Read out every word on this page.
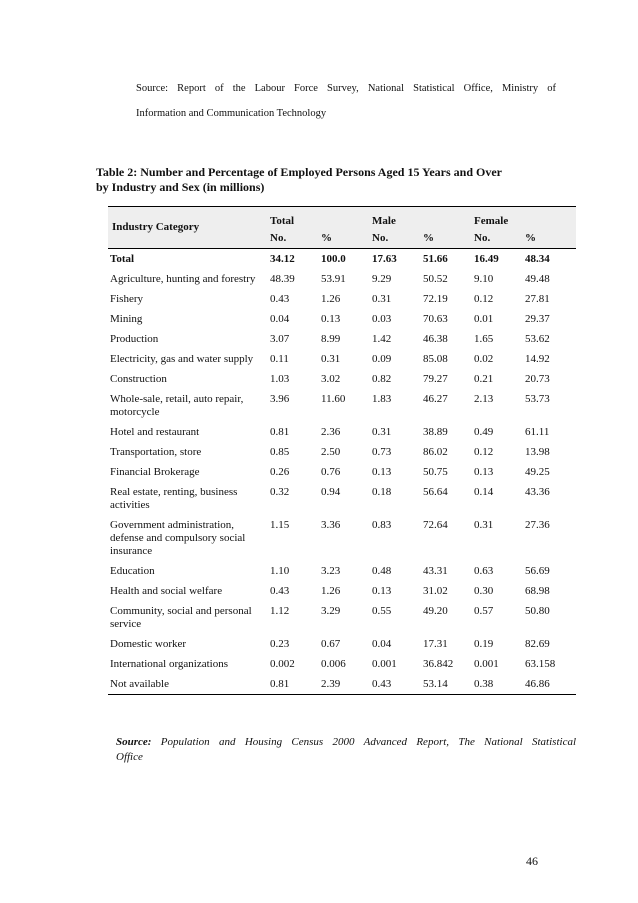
Source: Report of the Labour Force Survey, National Statistical Office, Ministry of
Information and Communication Technology
Table 2: Number and Percentage of Employed Persons Aged 15 Years and Over
by Industry and Sex (in millions)
Industry Category	Total		Male		Female	
	No.	%	No.	%	No.	%
Total	34.12	100.0	17.63	51.66	16.49	48.34
Agriculture, hunting and forestry	48.39	53.91	9.29	50.52	9.10	49.48
Fishery	0.43	1.26	0.31	72.19	0.12	27.81
Mining	0.04	0.13	0.03	70.63	0.01	29.37
Production	3.07	8.99	1.42	46.38	1.65	53.62
Electricity, gas and water supply	0.11	0.31	0.09	85.08	0.02	14.92
Construction	1.03	3.02	0.82	79.27	0.21	20.73
Whole-sale, retail, auto repair, motorcycle	3.96	11.60	1.83	46.27	2.13	53.73
Hotel and restaurant	0.81	2.36	0.31	38.89	0.49	61.11
Transportation, store	0.85	2.50	0.73	86.02	0.12	13.98
Financial Brokerage	0.26	0.76	0.13	50.75	0.13	49.25
Real estate, renting, business activities	0.32	0.94	0.18	56.64	0.14	43.36
Government administration, defense and compulsory social insurance	1.15	3.36	0.83	72.64	0.31	27.36
Education	1.10	3.23	0.48	43.31	0.63	56.69
Health and social welfare	0.43	1.26	0.13	31.02	0.30	68.98
Community, social and personal service	1.12	3.29	0.55	49.20	0.57	50.80
Domestic worker	0.23	0.67	0.04	17.31	0.19	82.69
International organizations	0.002	0.006	0.001	36.842	0.001	63.158
Not available	0.81	2.39	0.43	53.14	0.38	46.86
Source: Population and Housing Census 2000 Advanced Report, The National Statistical
Office
46
